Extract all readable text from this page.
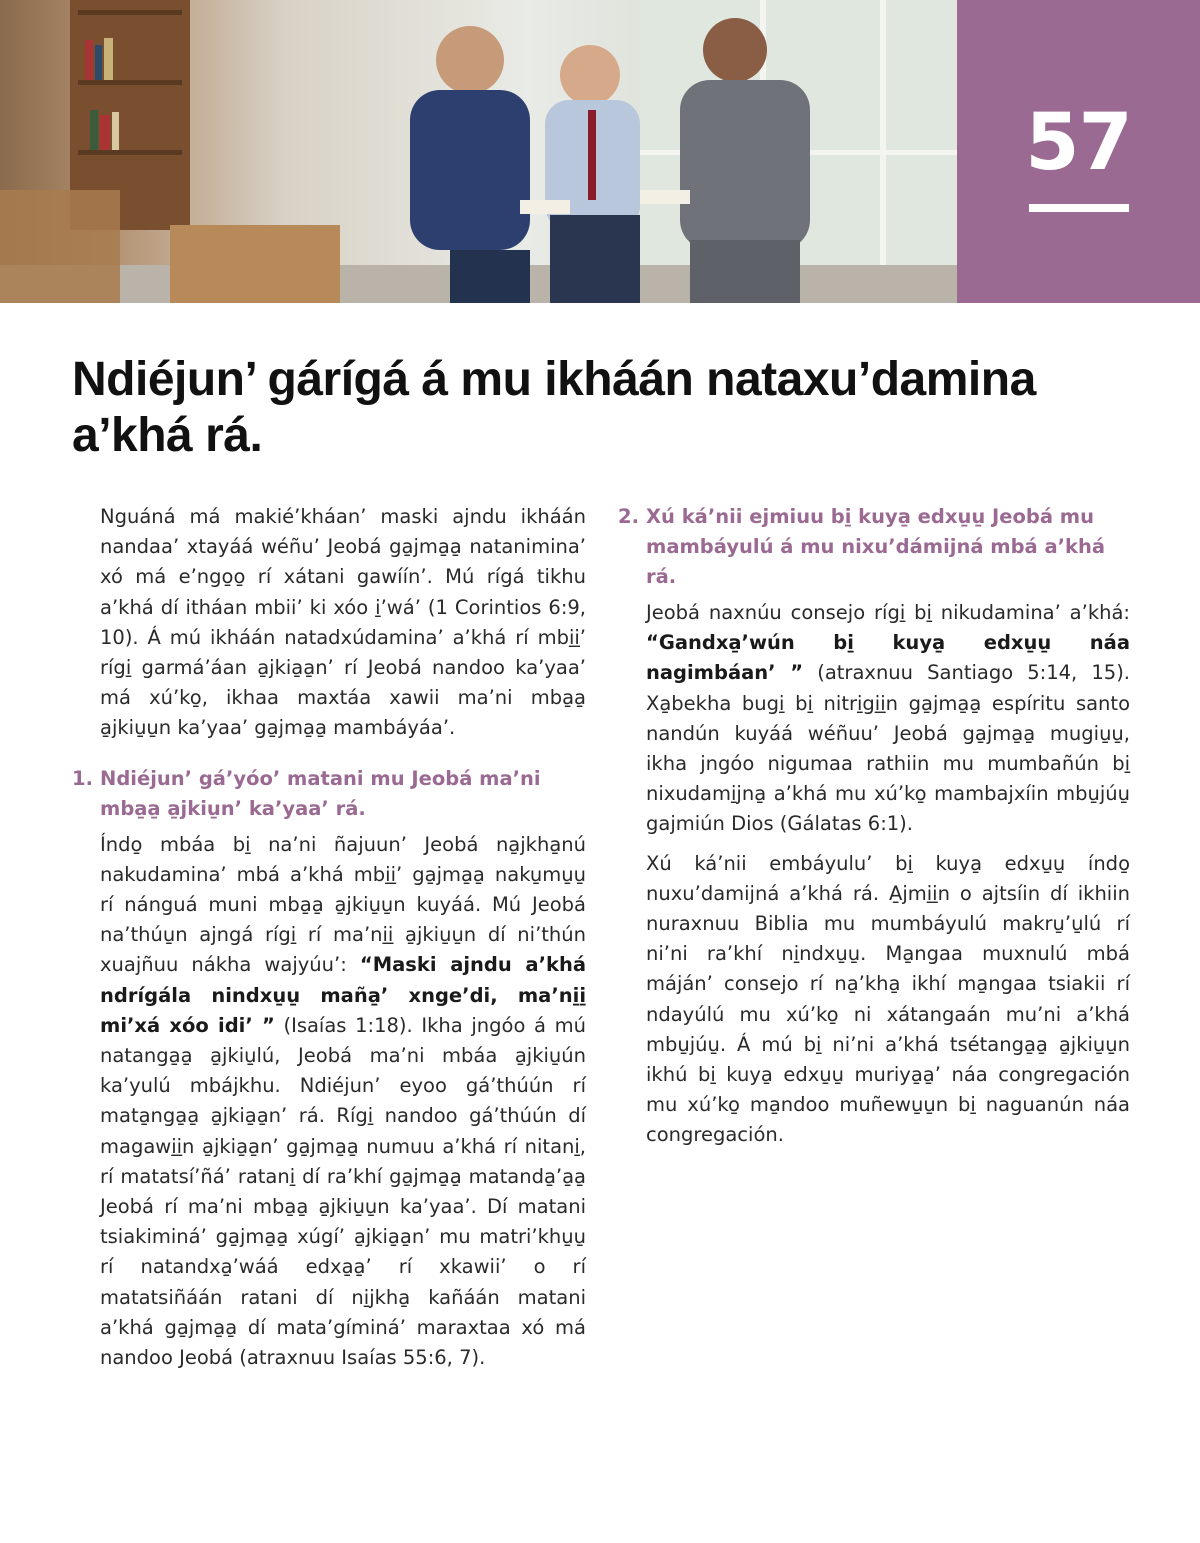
57
Ndiéjun’ gárígá á mu ikháán nataxu’damina a’khá rá.

Nguáná má makié’kháan’ maski ajndu ikháán nandaa’ xtayáá wéñu’ Jeobá ga̱jma̱a̱ natanimina’ xó má e’ngo̱o̱ rí xátani gawíín’. Mú rígá tikhu a’khá dí itháan mbii’ ki xóo i̱’wá’ (1 Corintios 6:9, 10). Á mú ikháán natadxúdamina’ a’khá rí mbi̱i̱’ rígi̱ garmá’áan a̱jkia̱a̱n’ rí Jeobá nandoo ka’yaa’ má xú’ko̱, ikhaa maxtáa xawii ma’ni mba̱a̱ a̱jkiu̱u̱n ka’yaa’ ga̱jma̱a̱ mambáyáa’.

1. Ndiéjun’ gá’yóo’ matani mu Jeobá ma’ni mba̱a̱ a̱jkiu̱n’ ka’yaa’ rá.

Índo̱ mbáa bi̱ na’ni ñajuun’ Jeobá na̱jkha̱nú nakudamina’ mbá a’khá mbi̱i̱’ ga̱jma̱a̱ naku̱mu̱u̱ rí nánguá muni mba̱a̱ a̱jkiu̱u̱n kuyáá. Mú Jeobá na’thúu̱n ajngá rígi̱ rí ma’ni̱i̱ a̱jkiu̱u̱n dí ni’thún xuajñuu nákha wajyúu’: “Maski ajndu a’khá ndrígála nindxu̱u̱ maña̱’ xnge’di, ma’ni̱i̱ mi’xá xóo idi’ ” (Isaías 1:18). Ikha jngóo á mú natanga̱a̱ a̱jkiu̱lú, Jeobá ma’ni mbáa a̱jkiu̱ún ka’yulú mbájkhu. Ndiéjun’ eyoo gá’thúún rí mata̱nga̱a̱ a̱jkia̱a̱n’ rá. Rígi̱ nandoo gá’thúún dí magawi̱i̱n a̱jkia̱a̱n’ ga̱jma̱a̱ numuu a’khá rí nitani̱, rí matatsí’ñá’ ratani̱ dí ra’khí ga̱jma̱a̱ matanda̱’a̱a̱ Jeobá rí ma’ni mba̱a̱ a̱jkiu̱u̱n ka’yaa’. Dí matani tsiakiminá’ ga̱jma̱a̱ xúgí’ a̱jkia̱a̱n’ mu matri’khu̱u̱ rí natandxa̱’wáá edxa̱a̱’ rí xkawii’ o rí matatsiñáán ratani dí ni̱jkha̱ kañáán matani a’khá ga̱jma̱a̱ dí mata’gíminá’ maraxtaa xó má nandoo Jeobá (atraxnuu Isaías 55:6, 7).

2. Xú ká’nii ejmiuu bi̱ kuya̱ edxu̱u̱ Jeobá mu mambáyulú á mu nixu’dámijná mbá a’khá rá.

Jeobá naxnúu consejo rígi̱ bi̱ nikudamina’ a’khá: “Gandxa̱’wún bi̱ kuya̱ edxu̱u̱ náa nagimbáan’ ” (atraxnuu Santiago 5:14, 15). Xa̱bekha bugi̱ bi̱ nitri̱gi̱i̱n ga̱jma̱a̱ espíritu santo nandún kuyáá wéñuu’ Jeobá ga̱jma̱a̱ mugiu̱u̱, ikha jngóo nigumaa rathiin mu mumbañún bi̱ nixudami̱jna̱ a’khá mu xú’ko̱ mambajxíin mbu̱júu̱ gajmiún Dios (Gálatas 6:1).

Xú ká’nii embáyulu’ bi̱ kuya̱ edxu̱u̱ índo̱ nuxu’damijná a’khá rá. A̱jmi̱i̱n o ajtsíin dí ikhiin nuraxnuu Biblia mu mumbáyulú makru̱’u̱lú rí ni’ni ra’khí ni̱ndxu̱u̱. Ma̱ngaa muxnulú mbá máján’ consejo rí na̱’kha̱ ikhí ma̱ngaa tsiakii rí ndayúlú mu xú’ko̱ ni xátangaán mu’ni a’khá mbu̱júu̱. Á mú bi̱ ni’ni a’khá tsétanga̱a̱ a̱jkiu̱u̱n ikhú bi̱ kuya̱ edxu̱u̱ muriya̱a̱’ náa congregación mu xú’ko̱ ma̱ndoo muñewu̱u̱n bi̱ naguanún náa congregación.
